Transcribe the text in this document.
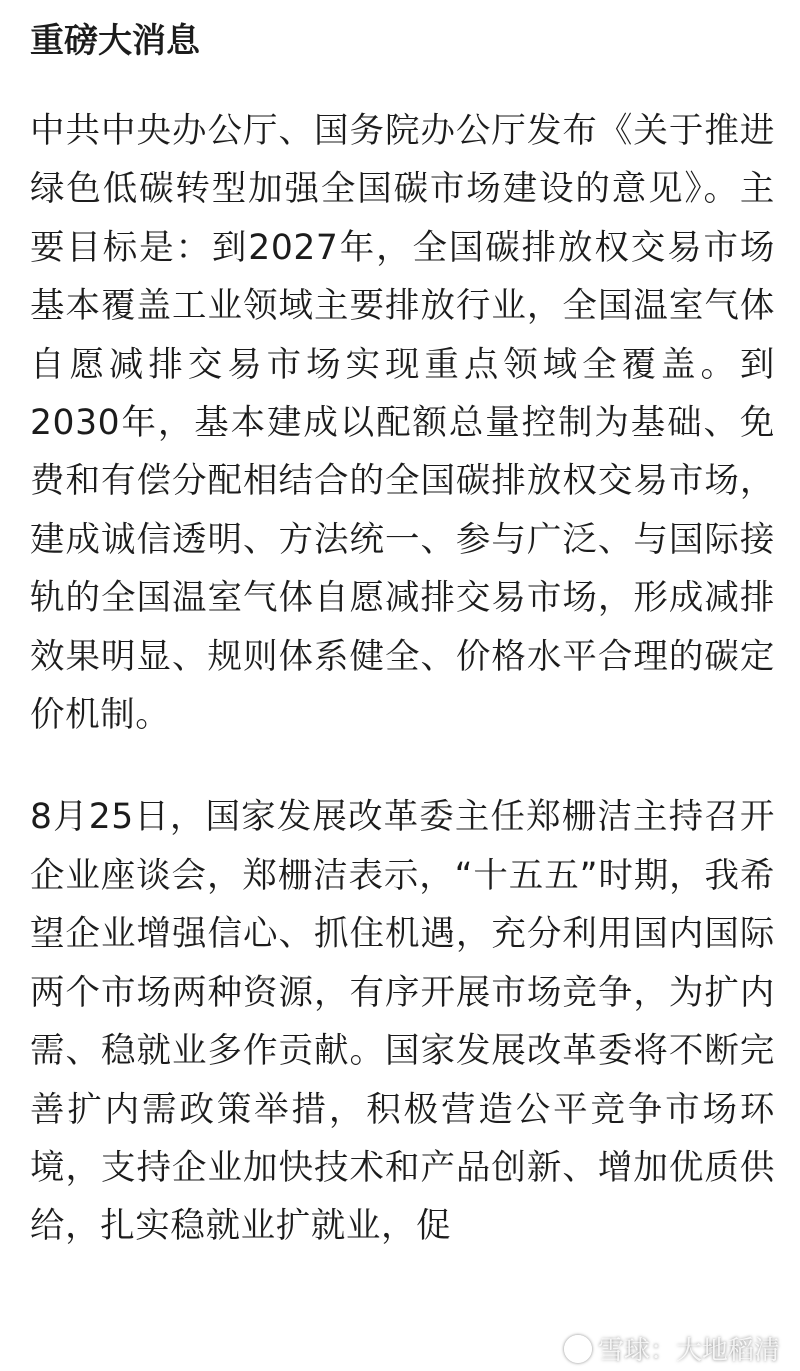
重磅大消息

中共中央办公厅、国务院办公厅发布《关于推进绿色低碳转型加强全国碳市场建设的意见》。主要目标是：到2027年，全国碳排放权交易市场基本覆盖工业领域主要排放行业，全国温室气体自愿减排交易市场实现重点领域全覆盖。到2030年，基本建成以配额总量控制为基础、免费和有偿分配相结合的全国碳排放权交易市场，建成诚信透明、方法统一、参与广泛、与国际接轨的全国温室气体自愿减排交易市场，形成减排效果明显、规则体系健全、价格水平合理的碳定价机制。

8月25日，国家发展改革委主任郑栅洁主持召开企业座谈会，郑栅洁表示，“十五五”时期，我希望企业增强信心、抓住机遇，充分利用国内国际两个市场两种资源，有序开展市场竞争，为扩内需、稳就业多作贡献。国家发展改革委将不断完善扩内需政策举措，积极营造公平竞争市场环境，支持企业加快技术和产品创新、增加优质供给，扎实稳就业扩就业，促

雪球：大地稻清
